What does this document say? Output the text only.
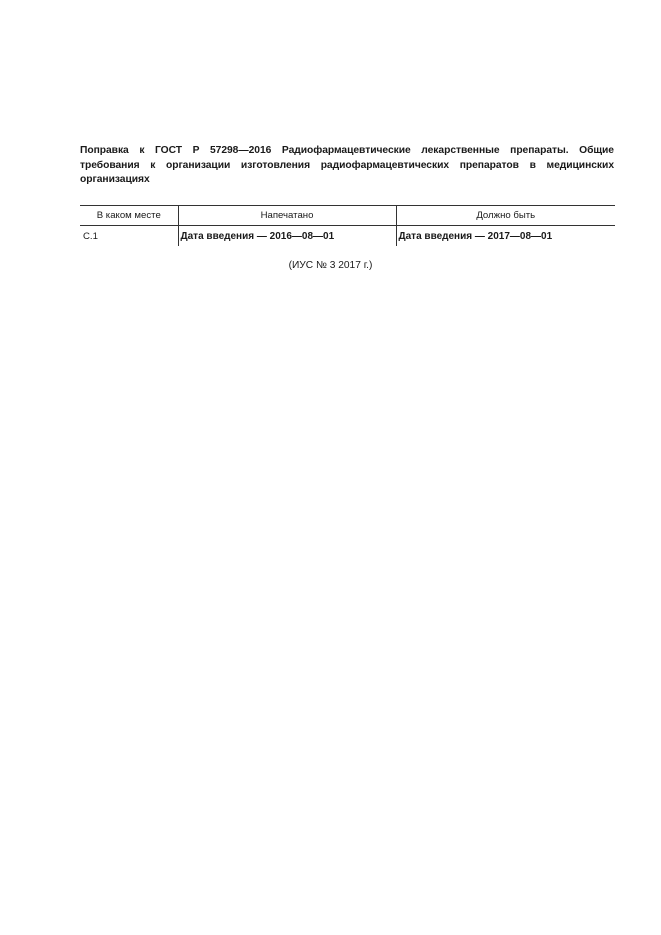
Поправка к ГОСТ Р 57298—2016 Радиофармацевтические лекарственные препараты. Общие требования к организации изготовления радиофармацевтических препаратов в медицинских организациях
В каком месте	Напечатано	Должно быть
С.1	Дата введения — 2016—08—01	Дата введения — 2017—08—01
(ИУС № 3 2017 г.)
